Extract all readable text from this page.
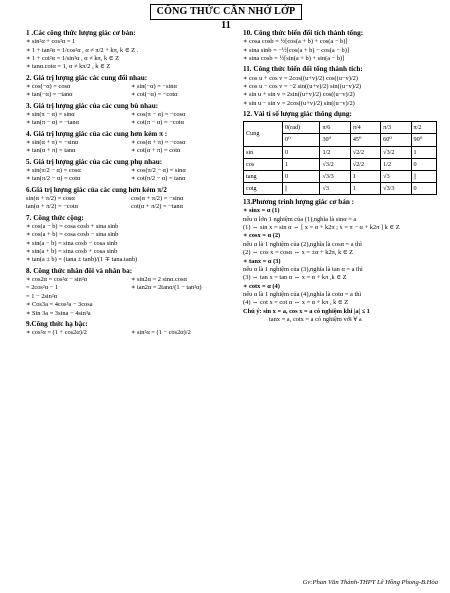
CÔNG THỨC CẦN NHỚ LỚP 11
1 .Các công thức lượng giác cơ bản:
∗ sin²α + cos²α = 1
∗ 1 + tan²α = 1/cos²α , α ≠ π/2 + kπ, k ∈ Z .
∗ 1 + cot²α = 1/sin²α , α ≠ kπ, k ∈ Z
∗ tanα.cotα = 1, α ≠ kπ/2 , k ∈ Z
2. Giá trị lượng giác các cung đối nhau:
∗ cos(−α) = cosα	∗ sin(−α) = −sinα
∗ tan(−α) = −tanα	∗ cot(−α) = −cotα
3. Giá trị lượng giác của các cung bù nhau:
∗ sin(π − α) = sinα	∗ cos(π − α) = −cosα
∗ tan(π − α) = −tanα	∗ cot(π − α) = −cotα
4. Giá trị lượng giác của các cung hơn kém π :
∗ sin(α + π) = −sinα	∗ cos(α + π) = −cosα
∗ tan(α + π) = tanα	∗ cot(α + π) = cotα
5. Giá trị lượng giác của các cung phụ nhau:
∗ sin(π/2 − α) = cosα	∗ cos(π/2 − α) = sinα
∗ tan(π/2 − α) = cotα	∗ cot(π/2 − α) = tanα
6.Giá trị lượng giác của các cung hơn kém π/2
sin(α + π/2) = cosα	cos(α + π/2) = −sinα
tan(α + π/2) = −cotα	cot(α + π/2) = −tanα
7. Công thức cộng:
∗ cos(a − b) = cosa cosb + sina sinb
∗ cos(a + b) = cosa cosb − sina sinb
∗ sin(a − b) = sina cosb − cosa sinb
∗ sin(a + b) = sina cosb + cosa sinb
∗ tan(a ± b) = (tana ± tanb)/(1 ∓ tana.tanb)
8. Công thức nhân đôi và nhân ba:
∗ cos2α = cos²α − sin²α	∗ sin2α = 2 sinα.cosα
= 2cos²α − 1	∗ tan2α = 2tanα/(1 − tan²α)
= 1 − 2sin²α
∗ Cos3a = 4cos³a − 3cosa
∗ Sin 3a = 3sina − 4sin³a
9.Công thức hạ bậc:
∗ cos²α = (1 + cos2α)/2	∗ sin²α = (1 − cos2α)/2
10. Công thức biến đổi tích thành tổng:
∗ cosa cosb = ½[cos(a + b) + cos(a − b)]
∗ sina sinb = −½[cos(a + b) − cos(a − b)]
∗ sina cosb = ½[sin(a + b) + sin(a − b)]
11. Công thức biến đổi tổng thành tích:
∗ cos u + cos v = 2cos((u+v)/2) cos((u−v)/2)
∗ cos u − cos v = −2 sin((u+v)/2) sin((u−v)/2)
∗ sin u + sin v = 2sin((u+v)/2) cos((u−v)/2)
∗ sin u − sin v = 2cos((u+v)/2) sin((u−v)/2)
12. Vài tỉ số lượng giác thông dụng:
Cung	0(rad)	π/6	π/4	π/3	π/2
	0⁰	30⁰	45⁰	60⁰	90⁰
sin	0	1/2	√2/2	√3/2	1
cos	1	√3/2	√2/2	1/2	0
tang	0	√3/3	1	√3	||
cotg	||	√3	1	√3/3	0
13.Phương trình lượng giác cơ bản :
∗ sinx = α (1)
nếu α lớn 1 nghiệm của (1),nghĩa là sinα = a
(1) ⇔ sin x = sin α ⇔ [ x = α + k2π ; x = π − α + k2π ] k ∈ Z
∗ cosx = α (2)
nếu α là 1 nghiệm của (2),nghĩa là cosα = a thì
(2) ⇔ cos x = cosα ⇔ x = ±α + k2π, k ∈ Z
∗ tanx = α (3)
nếu α là 1 nghiệm của (3),nghĩa là tan α = a thì
(3) ⇔ tan x = tan α ⇔ x = α + kπ ,k ∈ Z
∗ cotx = α (4)
nếu α là 1 nghiệm của (4),nghĩa là cotα = a thì
(4) ⇔ cot x = cot α ⇔ x = α + kπ , k ∈ Z
Chú ý: sin x = a, cos x = a có nghiệm khi |a| ≤ 1
tanx = a, cotx = a có nghiệm với ∀ a
Gv:Phan Văn Thành-THPT Lê Hồng Phong-B.Hòa
